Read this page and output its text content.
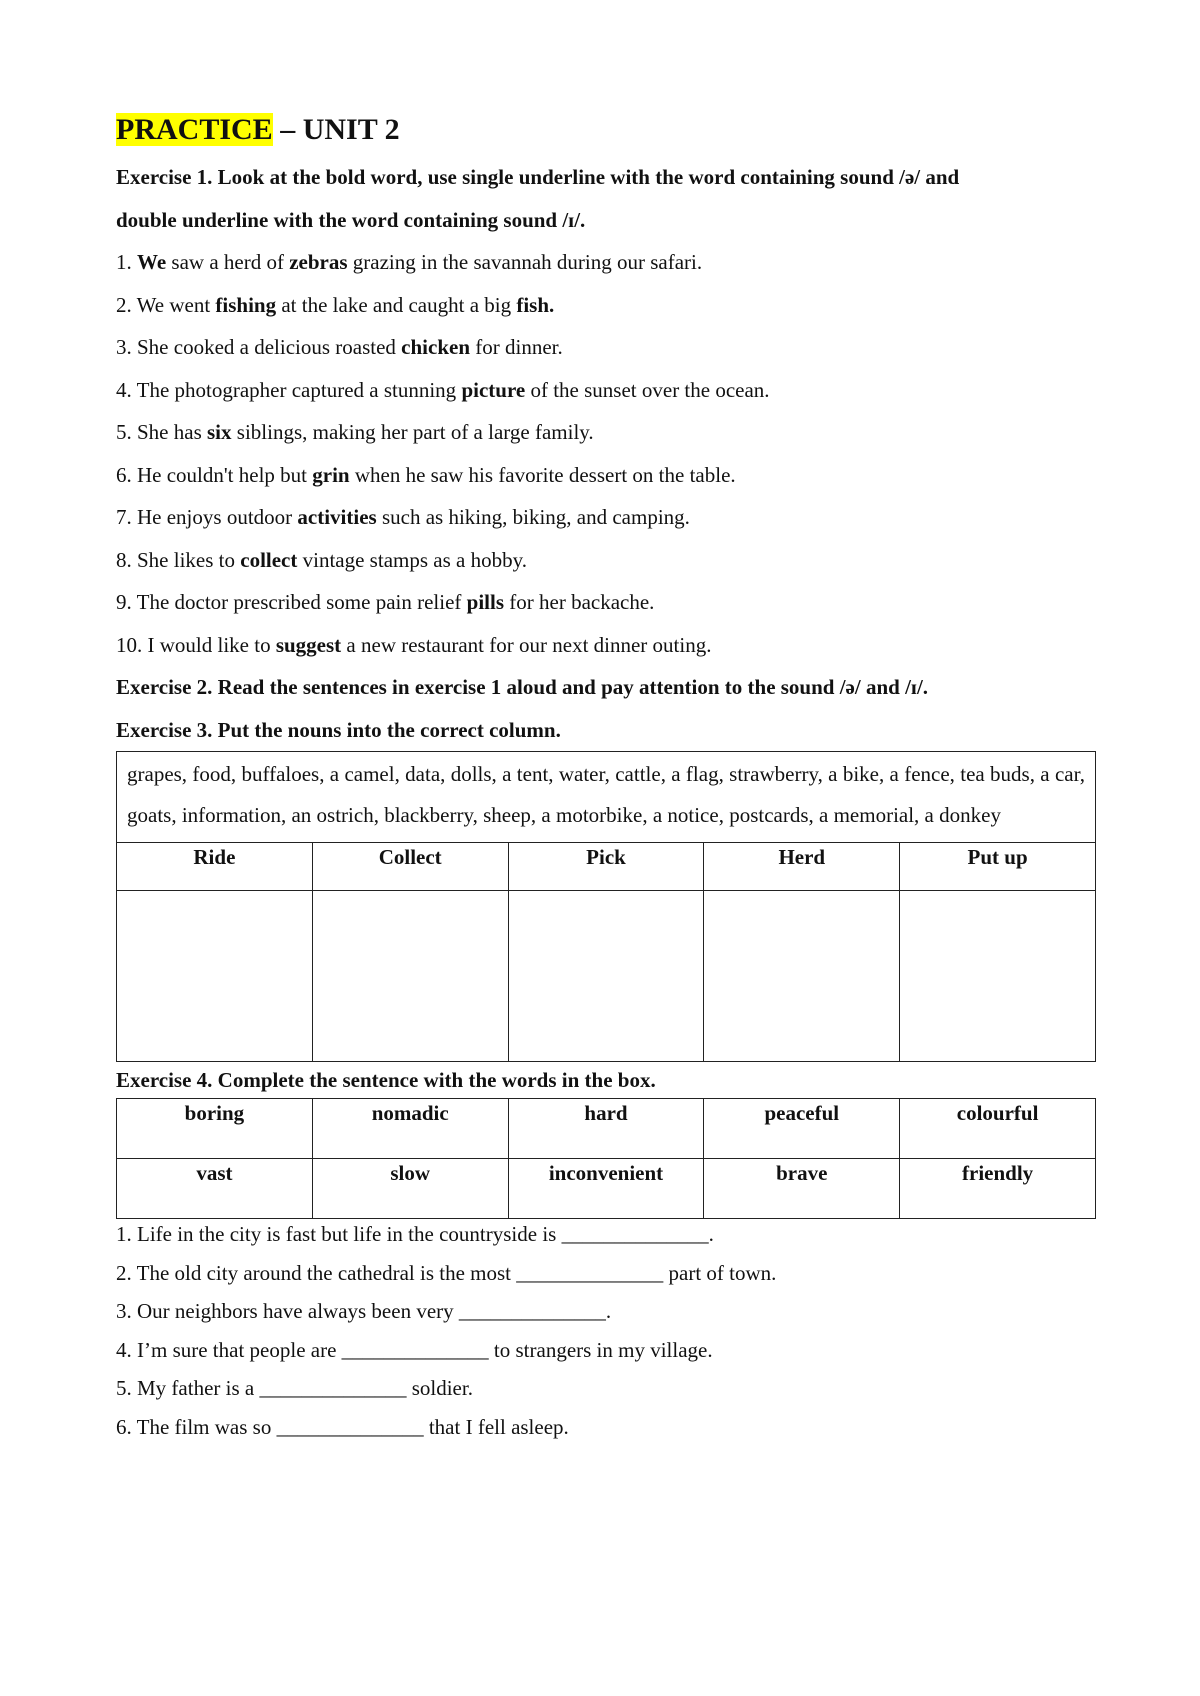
PRACTICE – UNIT 2
Exercise 1. Look at the bold word, use single underline with the word containing sound /ə/ and
double underline with the word containing sound /ɪ/.
1. We saw a herd of zebras grazing in the savannah during our safari.
2. We went fishing at the lake and caught a big fish.
3. She cooked a delicious roasted chicken for dinner.
4. The photographer captured a stunning picture of the sunset over the ocean.
5. She has six siblings, making her part of a large family.
6. He couldn't help but grin when he saw his favorite dessert on the table.
7. He enjoys outdoor activities such as hiking, biking, and camping.
8. She likes to collect vintage stamps as a hobby.
9. The doctor prescribed some pain relief pills for her backache.
10. I would like to suggest a new restaurant for our next dinner outing.
Exercise 2. Read the sentences in exercise 1 aloud and pay attention to the sound /ə/ and /ɪ/.
Exercise 3. Put the nouns into the correct column.
grapes, food, buffaloes, a camel, data, dolls, a tent, water, cattle, a flag, strawberry, a bike, a fence, tea buds, a car, goats, information, an ostrich, blackberry, sheep, a motorbike, a notice, postcards, a memorial, a donkey				
Ride	Collect	Pick	Herd	Put up

Exercise 4. Complete the sentence with the words in the box.
boring	nomadic	hard	peaceful	colourful
vast	slow	inconvenient	brave	friendly
1. Life in the city is fast but life in the countryside is ______________.
2. The old city around the cathedral is the most ______________ part of town.
3. Our neighbors have always been very ______________.
4. I’m sure that people are ______________ to strangers in my village.
5. My father is a ______________ soldier.
6. The film was so ______________ that I fell asleep.
